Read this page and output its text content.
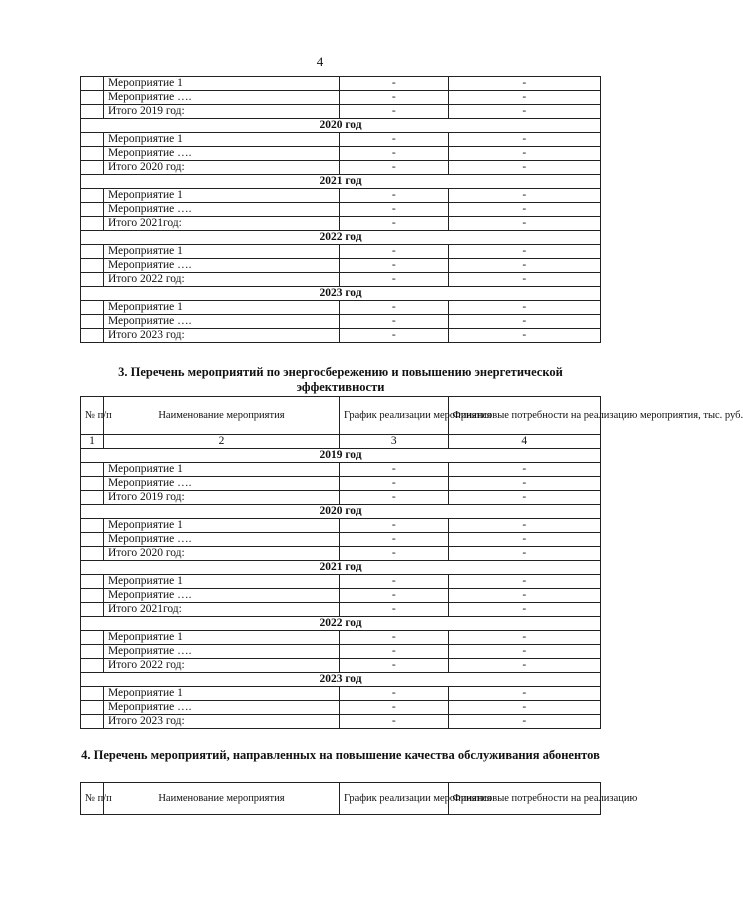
4
	Мероприятие 1	-	-
	Мероприятие ….	-	-
	Итого 2019 год:	-	-
2020 год			
	Мероприятие 1	-	-
	Мероприятие ….	-	-
	Итого 2020 год:	-	-
2021 год			
	Мероприятие 1	-	-
	Мероприятие ….	-	-
	Итого 2021год:	-	-
2022 год			
	Мероприятие 1	-	-
	Мероприятие ….	-	-
	Итого 2022 год:	-	-
2023 год			
	Мероприятие 1	-	-
	Мероприятие ….	-	-
	Итого 2023 год:	-	-
3. Перечень мероприятий по энергосбережению и повышению энергетической эффективности
№ п/п	Наименование мероприятия	График реализации мероприятия	Финансовые потребности на реализацию мероприятия, тыс. руб.
1	2	3	4
2019 год			
	Мероприятие 1	-	-
	Мероприятие ….	-	-
	Итого 2019 год:	-	-
2020 год			
	Мероприятие 1	-	-
	Мероприятие ….	-	-
	Итого 2020 год:	-	-
2021 год			
	Мероприятие 1	-	-
	Мероприятие ….	-	-
	Итого 2021год:	-	-
2022 год			
	Мероприятие 1	-	-
	Мероприятие ….	-	-
	Итого 2022 год:	-	-
2023 год			
	Мероприятие 1	-	-
	Мероприятие ….	-	-
	Итого 2023 год:	-	-
4. Перечень мероприятий, направленных на повышение качества обслуживания абонентов
№ п/п	Наименование мероприятия	График реализации мероприятия	Финансовые потребности на реализацию
